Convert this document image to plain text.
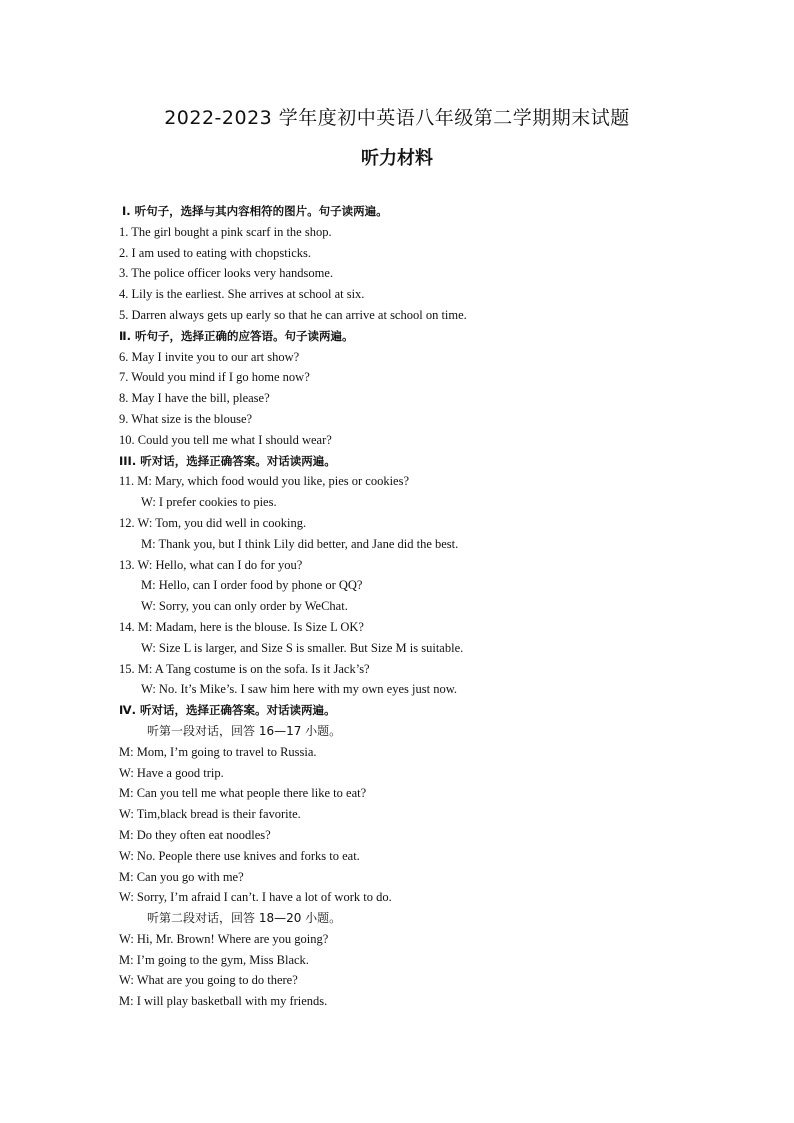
2022-2023 学年度初中英语八年级第二学期期末试题
听力材料
Ⅰ. 听句子，选择与其内容相符的图片。句子读两遍。
1. The girl bought a pink scarf in the shop.
2. I am used to eating with chopsticks.
3. The police officer looks very handsome.
4. Lily is the earliest. She arrives at school at six.
5. Darren always gets up early so that he can arrive at school on time.
Ⅱ. 听句子，选择正确的应答语。句子读两遍。
6. May I invite you to our art show?
7. Would you mind if I go home now?
8. May I have the bill, please?
9. What size is the blouse?
10. Could you tell me what I should wear?
III. 听对话，选择正确答案。对话读两遍。
11. M: Mary, which food would you like, pies or cookies?
W: I prefer cookies to pies.
12. W: Tom, you did well in cooking.
M: Thank you, but I think Lily did better, and Jane did the best.
13. W: Hello, what can I do for you?
M: Hello, can I order food by phone or QQ?
W: Sorry, you can only order by WeChat.
14. M: Madam, here is the blouse. Is Size L OK?
W: Size L is larger, and Size S is smaller. But Size M is suitable.
15. M: A Tang costume is on the sofa. Is it Jack’s?
W: No. It’s Mike’s. I saw him here with my own eyes just now.
Ⅳ. 听对话，选择正确答案。对话读两遍。
听第一段对话，回答 16—17 小题。
M: Mom, I’m going to travel to Russia.
W: Have a good trip.
M: Can you tell me what people there like to eat?
W: Tim,black bread is their favorite.
M: Do they often eat noodles?
W: No. People there use knives and forks to eat.
M: Can you go with me?
W: Sorry, I’m afraid I can’t. I have a lot of work to do.
听第二段对话，回答 18—20 小题。
W: Hi, Mr. Brown! Where are you going?
M: I’m going to the gym, Miss Black.
W: What are you going to do there?
M: I will play basketball with my friends.
